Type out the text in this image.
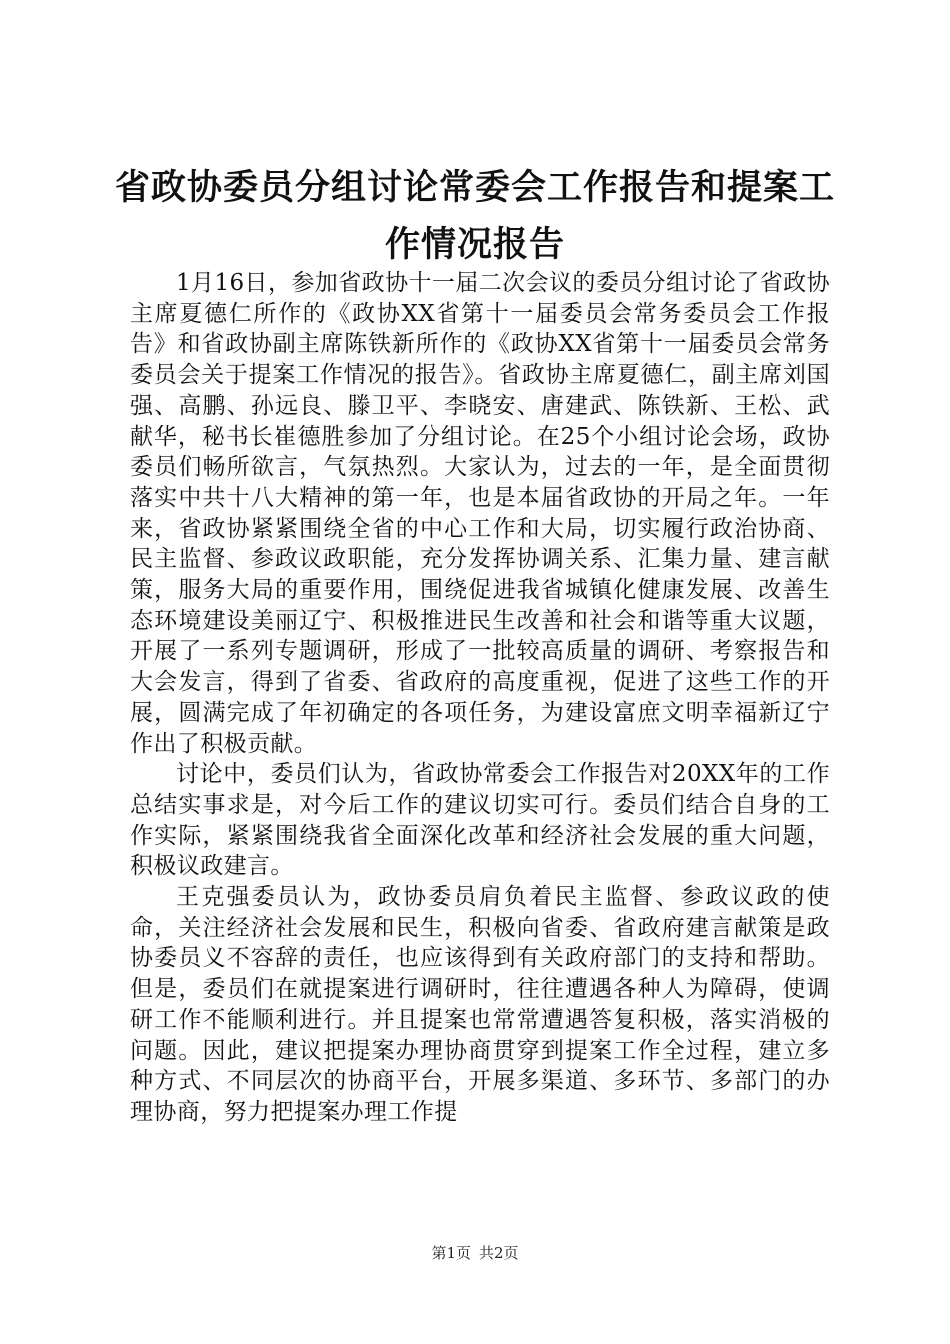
省政协委员分组讨论常委会工作报告和提案工作情况报告

1月16日，参加省政协十一届二次会议的委员分组讨论了省政协主席夏德仁所作的《政协XX省第十一届委员会常务委员会工作报告》和省政协副主席陈铁新所作的《政协XX省第十一届委员会常务委员会关于提案工作情况的报告》。省政协主席夏德仁，副主席刘国强、高鹏、孙远良、滕卫平、李晓安、唐建武、陈铁新、王松、武献华，秘书长崔德胜参加了分组讨论。在25个小组讨论会场，政协委员们畅所欲言，气氛热烈。大家认为，过去的一年，是全面贯彻落实中共十八大精神的第一年，也是本届省政协的开局之年。一年来，省政协紧紧围绕全省的中心工作和大局，切实履行政治协商、民主监督、参政议政职能，充分发挥协调关系、汇集力量、建言献策，服务大局的重要作用，围绕促进我省城镇化健康发展、改善生态环境建设美丽辽宁、积极推进民生改善和社会和谐等重大议题，开展了一系列专题调研，形成了一批较高质量的调研、考察报告和大会发言，得到了省委、省政府的高度重视，促进了这些工作的开展，圆满完成了年初确定的各项任务，为建设富庶文明幸福新辽宁作出了积极贡献。

讨论中，委员们认为，省政协常委会工作报告对20XX年的工作总结实事求是，对今后工作的建议切实可行。委员们结合自身的工作实际，紧紧围绕我省全面深化改革和经济社会发展的重大问题，积极议政建言。

王克强委员认为，政协委员肩负着民主监督、参政议政的使命，关注经济社会发展和民生，积极向省委、省政府建言献策是政协委员义不容辞的责任，也应该得到有关政府部门的支持和帮助。但是，委员们在就提案进行调研时，往往遭遇各种人为障碍，使调研工作不能顺利进行。并且提案也常常遭遇答复积极，落实消极的问题。因此，建议把提案办理协商贯穿到提案工作全过程，建立多种方式、不同层次的协商平台，开展多渠道、多环节、多部门的办理协商，努力把提案办理工作提

第1页 共2页
